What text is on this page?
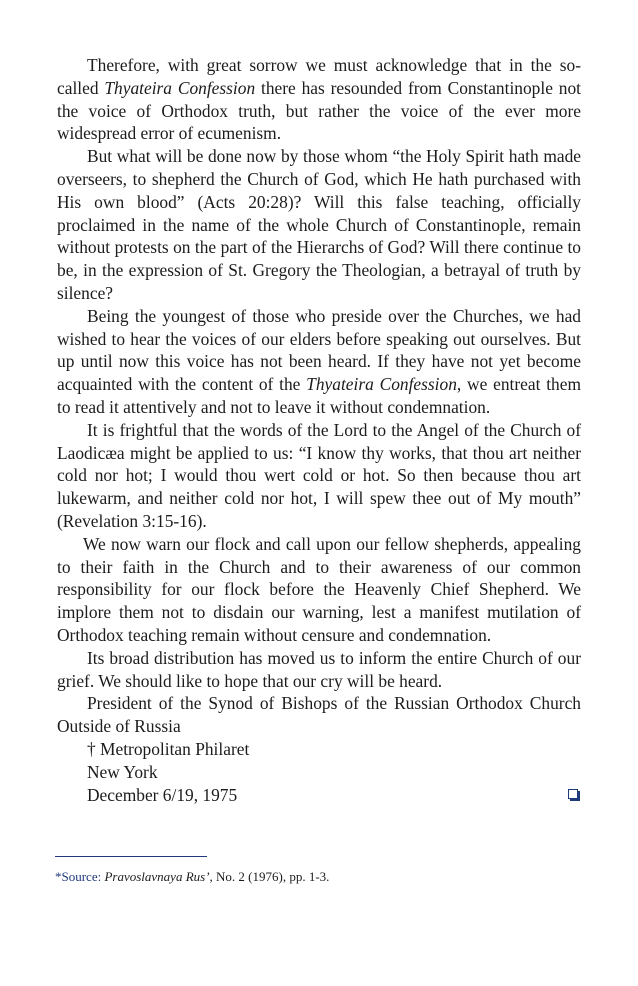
Therefore, with great sorrow we must acknowledge that in the so-called Thyateira Confession there has resounded from Constantinople not the voice of Orthodox truth, but rather the voice of the ever more widespread error of ecumenism.

But what will be done now by those whom “the Holy Spirit hath made overseers, to shepherd the Church of God, which He hath purchased with His own blood” (Acts 20:28)? Will this false teaching, officially proclaimed in the name of the whole Church of Constantinople, remain without protests on the part of the Hierarchs of God? Will there continue to be, in the expression of St. Gregory the Theologian, a betrayal of truth by silence?

Being the youngest of those who preside over the Churches, we had wished to hear the voices of our elders before speaking out ourselves. But up until now this voice has not been heard. If they have not yet become acquainted with the content of the Thyateira Confession, we entreat them to read it attentively and not to leave it without condemnation.

It is frightful that the words of the Lord to the Angel of the Church of Laodicæa might be applied to us: “I know thy works, that thou art neither cold nor hot; I would thou wert cold or hot. So then because thou art lukewarm, and neither cold nor hot, I will spew thee out of My mouth” (Revelation 3:15-16).

We now warn our flock and call upon our fellow shepherds, appealing to their faith in the Church and to their awareness of our common responsibility for our flock before the Heavenly Chief Shepherd. We implore them not to disdain our warning, lest a manifest mutilation of Orthodox teaching remain without censure and condemnation.

Its broad distribution has moved us to inform the entire Church of our grief. We should like to hope that our cry will be heard.

President of the Synod of Bishops of the Russian Orthodox Church Outside of Russia

† Metropolitan Philaret
New York
December 6/19, 1975
*Source: Pravoslavnaya Rus’, No. 2 (1976), pp. 1-3.
